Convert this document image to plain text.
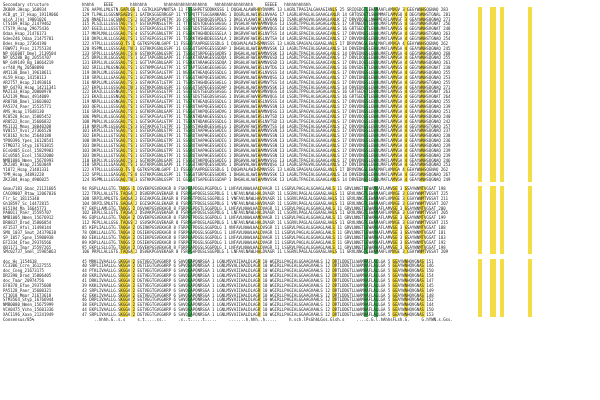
Secondary structure	hhhhh    EEEE       hhhhhhh       hhhhhhhhhhhhhhhhhh   hhhhhhhhhhhhhhhh     EEEEE   hhhhhhhhhhh
ZK809.3Hsap_168934	176 AAPVLLMLGTN.GAPLGS 1 GGTKLKGPVNNTSA 11 FSSSHPETSDDKKSSG 1 DQGHLALAWRHAYDVNMS 13 LAGRLTPAGIALGAAAGIANLS 25 SRIQSDGTLEHAMAAFLAMVGV 3 GEGYWNHSQGNAQ 283
ACB_gt_17_Hsap_19119066	129 TLPHLLLGGSNRSAEDS 1 GATDKSGSERRGGP 11 YTSPQTFTSGGSANKARG 1 DQGRLALAWIHSLNVAAG 17 LAGRLAPAGLALGAAAGLANLR 14 GRTQSDGTLSWAMMAFLAMVGQ 4 DEGYWNHSTGNAL 281
mlcA_Jjmj_19801026	126 RNAEILLLGCGNAQ.TS 2 GGTSKPGVSVETPF 16 FSSPQTESRDGDSSPDLS 1 DKGLVLAAWIHCLNVEAN 11 ISARLAPAGVALGAAAGLANLK 17 DRVVDQGLLNWAMIAFLAMVGF 3 GEAYWNHSQGNAQ 271
CTS169_Hsap_21479462	115 PLSILLLLGSSTAQ.TS 7 GSTEKPRNSLGTPF 11 TTNTGDSTQEGESSAEGG 1 DVGHLAFAWVHAMNVQGS 13 LSGRLTPPGLALGAGAGLANLS 17 GRTNEDGTLEWALMAFLAMVGS 4 GEGYWNHSVGNAT 256
CTS79_Hsap_29675436	107 EGEILLLLGSSTAQ.TS 1 GSTEKPGSSLGTPF 11 SSSTGDSTSEGDSSASGG 1 DVGHLAFAWVHSMNVQGS 14 LSGRLTPPGLALGAGAGLANLS 16 GRTSEDGTLEWALMAFLAMVGS 4 GEGYWNHSVGNAT 248
Odaa_Hsap_21476173	117 MKPLMALLLGSGAQ.TS 4 GSTSGPGSNLGTPF 11 FSSRKTHGHDDEGSSELA 1 DKGRVAFAWIHSLNVTSS 14 LAGRLSPAGIALGGAAGIANLS 17 DRVVDNGSLEWALMAFLAMVGA 4 GEGYWNHSTGNAQ 263
Gdee246_Odaa_21475701	118 DKPLLALLLGSGAQ.TS 1 GSTAEPGSSLGTPF 11 TSSRKTHSHDDEGSSALA 1 DKGRVAFAWIHSLNVTSA 14 LAGRLSPAGIALGGAAGIANLS 17 DRVVDNGSLEWALMAFLAMVGA 4 GEGYWNHSTGNAQ 254
Ddes_Hsap_27364190	122 ATPLLLLLGSGGQ.TS 1 GGTKSPGSNLGAPF 11 FSSGQTAAPRGESSSDLG 1 DQGHVALAWIHSMNVSSS 13 LAGRLSPAGVALGGAAGLANLS 17 DRVVDNGSLEWALMAFLAMVGA 4 GEAYWNHSQGNAQ 262
FBW971_Psos_21755334	120 RSPMLLLLGSSGAQ.TN 3 GSTKKPGSNLGSPF 11 GSSGQTSAPEGESSSDAP 1 DHGHLALAWIHAMNVSSK 13 LAGRLTPAGIALGGAAGLANLS 14 DRVEDNGSLEWALMAFLAMVGA 4 GEAYWNHSQGNAQ 245
NP_016087_Dmel_2139504	133 SPPLLLLLGASGAQ.TS 8 GSTKKPGSNLGSPF 11 TSSGQTSRPEGESSADRS 1 DHGHLALAWIHAMNVSSK 13 LAGRLTPAGIALGGAAGLANLS 14 DRVEDNGSLEWALMAFLAMVGA 4 GEGYWNHSQGNAQ 268
NP_05288_Bg_20554707	125 DRPLLVLLGGSSAQ.TS 1 GGTTAPGSNLGAPF 11 FSSKKTARAHGESSSDQA 1 DRGHLAFAWIHAMNVGSD 13 LAGRLTPSGIALGGAAGIANLS 17 DRVLDQGSLEWALMAFLAMVGA 4 GEAYWNHSQGNAQ 255
NP_649149_Bg_10664219	131 ERPLLVLLGGSSAQ.TS 1 GGTTAPGSNLGAPF 11 FSSKKTARAHGESSSDQA 1 DRGHLAFAWIHAMNVGSD 13 LAGRLTPSGIALGGAAGIANLS 17 DRVLDQGSLEWALMAFLAMVGA 4 GEAYWNHSQGNAQ 261
orf48_Mg_20508890	102 SRILLLMLGSNGAQ.TS 1 GSTKMPGSALGTPF 11 STTAPTSGSKGEGSAEGG 1 DRGHVALAWIHSLNVTDG 13 LAGRLTPAGVALGGGAGIANLS 16 DRVSDEGTLEWALMAFLAMVGS 4 GEGYWNHSVGNAT 238
AM1138_Dmel_19618611	119 DKPLLMLLGSGGAQ.TS 1 GSTSKPGSALGTPF 11 NSSSKTHEAQGESSSDLG 1 DRGHVAFAWIHSLNVSSS 14 LAGRLTPAGIALGGAAGIANLS 17 DRVVDNGSLEWALMAFLAMVGA 4 GEGYWNHSQGNAQ 255
AL59_Hsap_14150113	118 SRPLLLLLGASGAQ.TS 1 GGTKRPGSNLGAPF 11 FSSGQTAKPQGESSADVG 1 DRGHVALAWIHAMNVQSG 13 LAGRLSPAGVALGGAAGLANLS 17 DRVIDNGSLEWALMAFLAMVGA 4 GEAYWNHSQGNAQ 253
AR2757_Hsap_21493016	116 NRPLLMLLGSGGAQ.TS 3 GSTAKPGSTLGTPF 11 TSSRSTHGHDGESSAELG 1 DRGRVAFAWIHSMNVTSS 14 LAGRLTPAGIALGGAAGIANLS 17 DRVVDNGSLEWALMAFLAMVGA 4 GEGYWNHSTGNAQ 255
NP_64793_Hsap_14211341	137 EKPLLLLLGSSGAQ.TN 1 GSTKKPGSNLGSPF 11 GSSGQTSAPEGESSSDAP 1 DHGHLALAWIHAMNVSSK 13 LAGRLTPAGIALGGAAGLANLS 14 DRVEDNGSLEWALMAFLAMVGA 4 GEAYWNHSQGNAQ 271
MA2133_Hsap_20000978	122 EKAILLLLGSNGAQ.TS 1 GSTEKPGSSLGTPF 11 SSSTGDSTSEGDSSASGG 1 DVGHLAFAWVHSMNVQGS 14 LSGRLTPPGLALGAGAGLANLS 16 GRTSEDGTLEWALMAFLAMVGS 4 GEGYWNHSVGNAT 263
EA2139_Mmus_4914009	123 EKAILLLLGSNGAQ.TS 1 GSTEKPGSSLGTPF 11 SSSTGDSTSEGDSSASGG 1 DVGHLAFAWVHSMNVQGS 14 LSGRLTPPGLALGAGAGLANLS 16 GRTSEDGTLEWALMAFLAMVGS 4 GEGYWNHSVGNAT 264
AR0768_Dmel_13603002	119 NRPLLLLLGSNGAQ.TS 1 GSTKAPGSALGTPF 11 TSSTKTHEAQGESSSDLG 1 DRGHVAFAWIHSLNVSSS 14 LAGRLTPAGIALGGAAGIANLS 17 DRVVDNGSLEWALMAFLAMVGA 4 GEGYWNHSQGNAQ 255
PA5374_Paer_15535771	103 QEPLLLLLGSSGAQ.TS 1 GSTEKPGSNLGTPF 11 FSSRQTAAPQGESSADIG 1 DRGHVALAWIHAMNVSSN 13 LAGRLTPAGIALGGAAGLANLS 17 DRVVDNGSLEWALMAFLAMVGA 4 GEAYWNHSQGNAQ 239
AMS_Hsap_17648130	116 SRPLLLLLGASGAQ.TS 1 GGTKRPGSNLGAPF 11 FSSGQTAKPQGESSADVG 1 DRGHVALAWIHAMNVQSG 13 LAGRLSPAGVALGGAAGLANLS 17 DRVIDNGSLEWALMAFLAMVGA 4 GEAYWNHSQGNAQ 251
RC0528_Rcon_15805452	106 PNPLLVLLGGSGAQ.TS 1 GGTSKPGSALGTPF 11 TSSKNTHDAKGESSSDLG 1 DRGHLALAWIHSLNVTSD 13 LAGRLTPSGIALGGAAGIANLS 17 DRVVDQGSLEWALMAFLAMVGA 4 GEAYWNHSQGNAQ 240
AR0522_Rcon_15606832	108 PNPLLVLLGGSGAQ.TS 1 GGTSKPGSALGTPF 11 TSSKNTHDAKGESSSDLG 1 DRGHLALAWIHSLNVTSD 13 LAGRLTPSGIALGGAAGIANLS 17 DRVVDQGSLEWALMAFLAMVGA 4 GEAYWNHSQGNAQ 242
MS1132_Mmus_18040208	118 NRPLLMLLGSGGAQ.TS 3 GSTAKPGSTLGTPF 11 TSSRSTHGHDGESSAELG 1 DRGRVAFAWIHSMNVTSS 14 LAGRLTPAGIALGGAAGIANLS 17 DRVVDNGSLEWALMAFLAMVGA 4 GEGYWNHSTGNAQ 257
VV0157_Vvul_27366528	101 EKPLLLLLGTSGAQ.TS 1 GSTEKPGSNLGTPF 11 TSSRQTAAPHGESSADIG 1 DRGHVALAWIHAMNVSSN 13 LAGRLTPAGIALGGAAGLANLS 17 DRVVDNGSLEWALMAFLAMVGA 4 GEAYWNHSQGNAQ 237
VC0162_Vcho_15640188	102 EKPLLLLLGTSGAQ.TS 1 GSTEKPGSNLGTPF 11 TSSRQTAAPHGESSADIG 1 DRGHVALAWIHAMNVSSN 13 LAGRLTPAGIALGGAAGLANLS 17 DRVVDNGSLEWALMAFLAMVGA 4 GEAYWNHSQGNAQ 238
YPO0396_Ypes_16120541	100 DKPLLLLLGTSGAQ.TS 1 GSTEKPGSNLGTPF 11 SSSRQTAAPHGESSADIG 1 DRGHVALAWIHAMNVSSN 13 LAGRLTPAGIALGGAAGLANLS 17 DRVVDNGSLEWALMAFLAMVGA 4 GEAYWNHSQGNAQ 236
STM0373_Styp_16763815	103 DKPLLLLLGTSGAQ.TS 1 GSTEKPGSNLGTPF 11 SSSRQTAAPHGESSADIG 1 DRGHVALAWIHAMNVSSN 13 LAGRLTPAGIALGGAAGLANLS 17 DRVVDNGSLEWALMAFLAMVGA 4 GEAYWNHSQGNAQ 239
ECs0405_Ecol_15829983	103 DKPLLLLLGTSGAQ.TS 1 GSTEKPGSNLGTPF 11 SSSRQTAAPHGESSADIG 1 DRGHVALAWIHAMNVSSN 13 LAGRLTPAGIALGGAAGLANLS 17 DRVVDNGSLEWALMAFLAMVGA 4 GEAYWNHSQGNAQ 239
ECs0505_Ecol_15832000	103 DKPLLLLLGTSGAQ.TS 1 GSTEKPGSNLGTPF 11 SSSRQTAAPHGESSADIG 1 DRGHVALAWIHAMNVSSN 13 LAGRLTPAGIALGGAAGLANLS 17 DRVVDNGSLEWALMAFLAMVGA 4 GEAYWNHSQGNAQ 239
NMB1086_Nmen_15676993	110 EKPLLVLLGSSGAQ.TS 1 GGTKRPGSNLGAPF 11 FSSGQTAKPQGESSADIG 1 DRGHVALAWIHAMNVSSG 13 LAGRLTPAGIALGGAAGLANLS 17 DRVVDNGSLEWALMAFLAMVGA 4 GEAYWNHSQGNAQ 246
ZK2305_Hsap_21503049	118 SRPLLLLLGASGAQ.TS 1 GGTKRPGSNLGAPF 11 FSSGQTAKPQGESSADVG 1 DRGHVALAWIHAMNVQSG 13 LAGRLSPAGVALGGAAGLANLS 17 DRVIDNGSLEWALMAFLAMVGA 4 GEAYWNHSQGNAQ 253
Y1072_Hsap_21481331	122 ATPLLLLLGSGGQ.TS 1 GGTKSPGSNLGAPF 11 FSSGQTAAPRGESSSDLG 1 DQGHVALAWIHSMNVSSS 13 LAGRLSPAGVALGGAAGLANLS 17 DRVVDNGSLEWALMAFLAMVGA 4 GEAYWNHSQGNAQ 262
YPM_Hsap_34893228	132 SPPLLLLLGASGAQ.TS 8 GSTKKPGSNLGSPF 11 TSSGQTSRPEGESSADRS 1 DHGHLALAWIHAMNVSSK 13 LAGRLTPAGIALGGAAGLANLS 14 DRVEDNGSLEWALMAFLAMVGA 4 GEGYWNHSQGNAQ 267
ZK2304_Hsap_4906025	124 RSPMLLLLGSSGAQ.TN 3 GSTKKPGSNLGSPF 11 GSSGQTSAPEGESSSDAP 1 DHGHLALAWIHAMNVSSK 13 LAGRLTPAGIALGGAAGLANLS 14 DRVEDNGSLEWALMAFLAMVGA 4 GEAYWNHSQGNAQ 249
Gmau7183_Gbac_21121605	94 RGPLLALLGTG.TAQGG 1 DSVEKPGSVEKAGR 8 FSKPGAPDGGLPGGPDLG 1 LNFAVLNAWLHALDVAGR 11 LSGRVLPAGLALGGAAGLAHLS 11 GRVLNNGTLEWAMAAFLAMVGE 3 GSAYWNMTVGSAT 198
CAC09007_Rtaw_12067036	122 TRPLLALLGTG.TAQGA 2 DSVERPGSVEKAGR 8 FSRPGAPDGSLSGGPDLG 1 LNFAVLNAWLHALDVAGR 11 LSGRVLPAGLALGGAAGLAHLS 11 GRVLNNGTLEWAMAAFLAMVGE 3 GSAYWNMTVGSAT 225
Flr_Sc_18115340	108 SRPILAMLGTG.SAQGA 2 EGIAKPGSLEKAGR 8 FSRPGTPDGSLSGGPDLG 1 VNFAVLNAWLHAVDVAGR 11 LSGRVLPAGLALGGAAGLAHLS 11 GRVLNNGTLEWAMAAFLAMVGE 3 GSAYWNMTVGSAT 211
Gh18597_Sc_14472815	104 DRPILSMLGTG.SAQGA 2 EGISKPGSLEKAGR 8 FSRPGTPDGSLSGGPDLG 1 VNFAVLNAWLHAVDVAGR 11 LSGRVLPAGLALGGAAGLAHLS 11 GRVLNNGTLEWAMAAFLAMVGE 3 GSAYWNMTVGSAT 207
H15194_Ma_16645773	97 EKPLLAMLGTG.TAQGS 2 DSVAKPGSVEKAGR 8 FSRPGSPDGTLSGGPDLG 1 LNFAVLNAWLHAIDVAGR 11 LSGRVLPAGLALGGAAGLAHLS 11 GRVLNNGTLEWAMAAFLAMVGE 3 GSAYWNMTVGSAT 200
PA0011_Paer_15595707	102 ERPLLSLLGTG.TAQGA 2 DSVAKPGSVEKAGR 8 FSRPGAPDGSLSGGPDLG 1 LNFAVLNAWLHALDVAGR 11 LSGRVLPAGLALGGAAGLAHLS 11 GRVLNNGTLEWAMAAFLAMVGE 3 GSAYWNMTVGSAT 205
NMB1005_Nmen_15676912	96 EQPLLALLGTG.TAQGA 2 DSVEKPGSVEKAGR 8 FSRPGTPDGSLSGGPDLG 1 LNFAVLNAWLHAMDVAGR 11 LSGRVLPAGLALGGAAGLAHLS 11 GRVLNNGTLEWAMAAFLAMVGE 3 GSAYWNMTVGSAT 199
DR0837_Drad_15806854	112 PEPLLALLGSG.TAQGS 2 GSVSKPGSVEKAGR 8 FSRPGAPDGSLAGGPDLG 1 LNFAVLNAWLHALDVAGR 11 LSGRVLPAGLALGGAAGLAHLS 11 GRVLNNGTLEWAMAAFLAMVGE 3 GSAYWNMTVGSAT 215
AF1537_Afal_11498144	85 KEPLIALLGTG.TAQGA 2 DSIRKPGSVEKAGR 8 FSRPGTPDGSLSGGPDLG 1 VNFAVLNAWLHALDVSGR 11 LSGRVLPAGLALGGAAGLAHLS 11 GRVLNNGTLEWAMAAFLAMVGE 3 GSAYWNMTVGSAT 188
SMU_1037_Smut_24379638	78 QDKLLALLGTG.TAQGA 2 DSIEKPGSVEKAGR 8 FSRPGAPDGSLSGGPDLG 1 LNFAVLNAWLHALDVAGR 11 LSGRVLPAGLALGGAAGLAHLS 11 GRVLNNGTLEWAMAAFLAMVGE 3 GSAYWNMTVGSAT 181
SP_1057_Spne_15900938	80 EEKLLALLGTG.TAQGA 2 DSIEKPGSVEKAGR 8 FSRPGAPDGSLSGGPDLG 1 LNFAVLNAWLHALDVAGR 11 LSGRVLPAGLALGGAAGLAHLS 11 GRVLNNGTLEWAMAAFLAMVGE 3 GSAYWNMTVGSAT 183
EF2334_Efae_29376566	89 KDPLLALLGTG.TAQGS 2 DSIEKPGSVEKAGR 8 FSRPGTPDGSLSGGPDLG 1 LNFAVLNAWLHALDVAGR 11 LSGRVLPAGLALGGAAGLAHLS 11 GRVLNNGTLEWAMAAFLAMVGE 3 GSAYWNMTVGSAT 192
OB1171_Tmar_15597265	95 EKPLLSLLGTG.TAQGA 2 DSVEKPGSVEKAGR 8 FSRPGAPDGSLSGGPDLG 1 LNFAVLNAWLHALDVAGR 11 LSGRVLPAGLALGGAAGLAHLS 11 GRVLNNGTLEWAMAAFLAMVGE 3 GSAYWNMTVGSAT 198
SMc02737_Smel_15965063	106 PRPLLALLGTG.TAQGA 2 DSVEKPGSVEKAGR 8 FSRPGAPDGSLSGGPDLG 1 LNFAVLNAWLHALDVAGR 11 LSGRVLPAGLALGGAAGLAHLS 11 GRVLNNGTLEWAMAAFLAMVGE 3 GSAYWNMTVGSAT 209
doc_Hs_1154618	45 MRKLIVAALLG.SKGGA 2 EGTVEGTGVGGKRP 6 SAVQGAPQNRSGA 1 LGNLMSVAIIHALDLAGR 10 WGIRLLPAGIALGGAAGVAHLS 12 DRTLDDGTLLWAMAAFLALLGA 5 GEAYWNHQVGNAS 151
CC3306_Ccre_16127555	40 SRPLIIAALLG.SKGGA 2 DGTIEGTGVGGKRP 6 SPVQGAPQNRSGA 1 LGNLMSVALIHAIDLAGR 10 WGIRLLPAGIALGGAAGVAHLS 12 DRTLDDGTLLWAMAAFLALLGA 5 GEAYWNHQVGNAS 146
doc_Cneg_21673175	44 PTKLIVAALLG.SKGGA 2 EGTVEGTGVGGKRP 6 SAVQGAPQNRSGA 1 LGNLMSVAIIHALDLAGR 10 WGIRLLPAGIALGGAAGVAHLS 12 DRTLDDGTLLWAMAAFLALLGA 5 GEAYWNHQVGNAS 150
DR2390_Drad_15806405	48 EKRLIVAALLG.SRGGA 2 EGTVEGTGVGGKRP 6 SAVQGAPQNRSGA 1 LGNLMSVAIIHALDLAGR 10 WGIRLLPAGIALGGAAGVAHLS 12 DRTLDDGTLLWAMAAFLALLGA 5 GEAYWNHQVGNAS 154
doc_Tmar_20974756	41 DRKLIVAALLG.SKGGA 2 DGTVEGTGVGGKRP 6 SAVQGAPQNRSGA 1 LGNLMSVAIIHALDLAGR 10 WGIRLLPAGIALGGAAGVAHLS 12 DRTLDDGTLLWAMAAFLALLGA 5 GEAYWNHQVGNAS 147
EF0378_Efae_29375608	39 KKKLIVAALLG.SKGGA 2 EGTVEGTGVGGKRP 6 SAVQGAPQNRSGA 1 LGNLMSVAIIHALDLAGR 10 WGIRLLPAGIALGGAAGVAHLS 12 DRTLDDGTLLWAMAAFLALLGA 5 GEAYWNHQVGNAS 145
PA5128_Paer_15600321	43 SRPLIVAALLG.SKGGA 2 EGTVEGTGVGGKRP 6 SAVQGAPQNRSGA 1 LGNLMSVAIIHALDLAGR 10 WGIRLLPAGIALGGAAGVAHLS 12 DRTLDDGTLLWAMAAFLALLGA 5 GEAYWNHQVGNAS 149
CT1018_Mmar_21673618	42 EKKLIVAALLG.SKGGA 2 EGTVEGTGVGGKRP 6 SAVQGAPQNRSGA 1 LGNLMSVAIIHALDLAGR 10 WGIRLLPAGIALGGAAGVAHLS 12 DRTLDDGTLLWAMAAFLALLGA 5 GEAYWNHQVGNAS 148
STM3564_Styp_16766944	46 DRPLIVAALLG.SKGGA 2 EGTVEGTGVGGKRP 6 SAVQGAPQNRSGA 1 LGNLMSVAIIHALDLAGR 10 WGIRLLPAGIALGGAAGVAHLS 12 DRTLDDGTLLWAMAAFLALLGA 5 GEAYWNHQVGNAS 152
NMB0080_Nmen_15675999	38 EKPLIVAALLG.SKGGA 2 EGTVEGTGVGGKRP 6 SAVQGAPQNRSGA 1 LGNLMSVAIIHALDLAGR 10 WGIRLLPAGIALGGAAGVAHLS 12 DRTLDDGTLLWAMAAFLALLGA 5 GEAYWNHQVGNAS 144
VCA0475_Vcho_15601336	44 EKPLIVAALLG.SKGGA 2 EGTVEGTGVGGKRP 6 SAVQGAPQNRSGA 1 LGNLMSVAIIHALDLAGR 10 WGIRLLPAGIALGGAAGVAHLS 12 DRTLDDGTLLWAMAAFLALLGA 5 GEAYWNHQVGNAS 150
XAC1196_Xaxo_21241949	47 SRPLIVAALLG.SKGGA 2 DGTVEGTGVGGKRP 6 SAVQGAPQNRSGA 1 LGNLMSVAIIHALDLAGR 10 WGIRLLPAGIALGGAAGVAHLS 12 DRTLDDGTLLWAMAAFLALLGA 5 GEAYWNHQVGNAS 153
Consensus/85%	..hhhh.G..s.s     s.t.....ss..     .s..t.....t.....     .......h.hhh..h.....     h.sch.lPsGhhLGss.Glsh.s     ....c.G.l.hAhhsFLsh.G.     G.hYWN.s.Gss.
